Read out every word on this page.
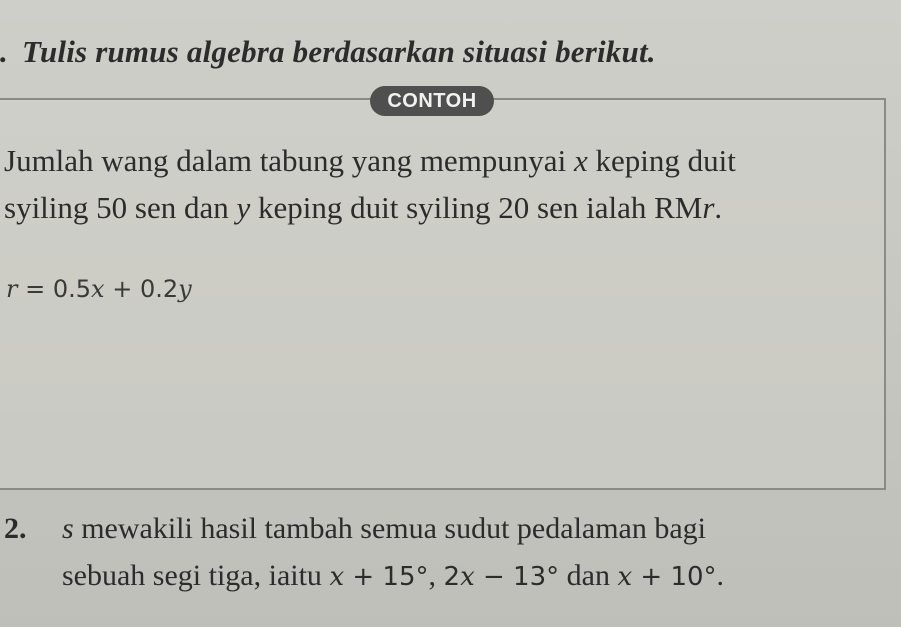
. Tulis rumus algebra berdasarkan situasi berikut.
CONTOH
Jumlah wang dalam tabung yang mempunyai x keping duit
syiling 50 sen dan y keping duit syiling 20 sen ialah RMr.
r = 0.5x + 0.2y
2. s mewakili hasil tambah semua sudut pedalaman bagi
sebuah segi tiga, iaitu x + 15°, 2x − 13° dan x + 10°.
